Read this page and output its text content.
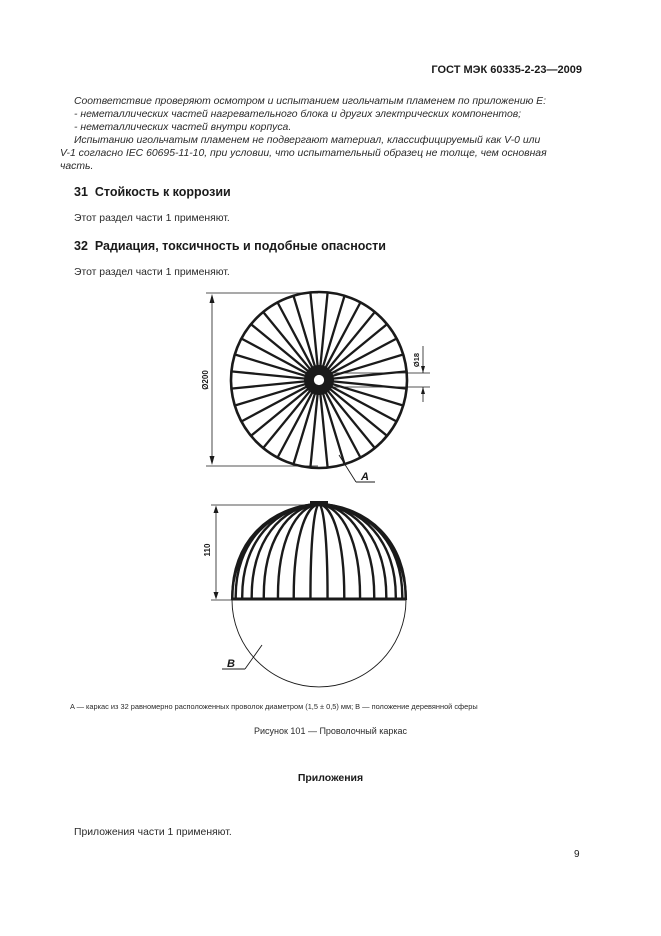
ГОСТ МЭК 60335-2-23—2009
Соответствие проверяют осмотром и испытанием игольчатым пламенем по приложению E:
- неметаллических частей нагревательного блока и других электрических компонентов;
- неметаллических частей внутри корпуса.
Испытанию игольчатым пламенем не подвергают материал, классифицируемый как V-0 или
V-1 согласно IEC 60695-11-10, при условии, что испытательный образец не толще, чем основная
часть.
31 Стойкость к коррозии
Этот раздел части 1 применяют.
32 Радиация, токсичность и подобные опасности
Этот раздел части 1 применяют.
Ø200
Ø18
A
110
B
A — каркас из 32 равномерно расположенных проволок диаметром (1,5 ± 0,5) мм; B — положение деревянной сферы
Рисунок 101 — Проволочный каркас
Приложения
Приложения части 1 применяют.
9
